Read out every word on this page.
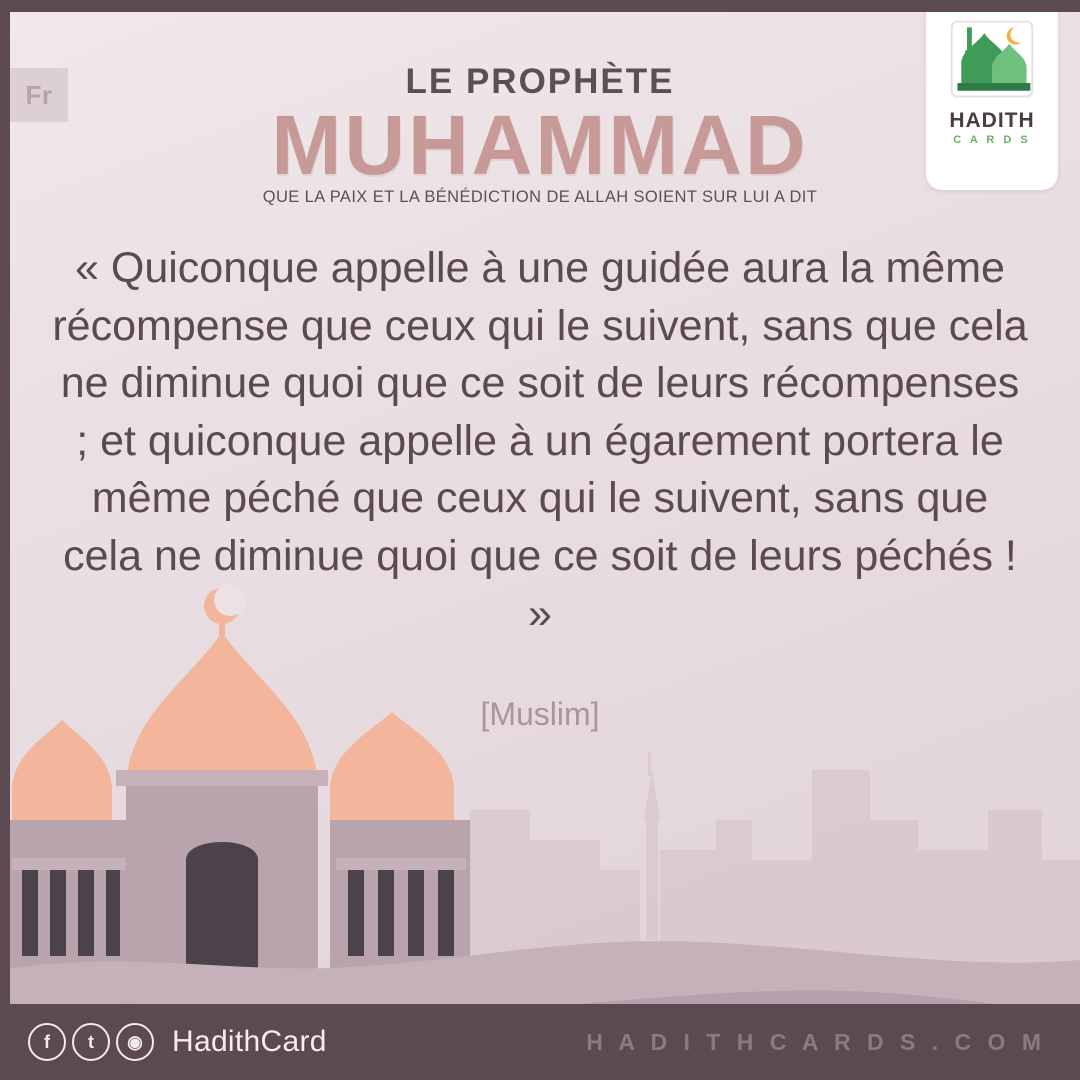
Fr
HADITH
C A R D S
LE PROPHÈTE
MUHAMMAD
QUE LA PAIX ET LA BÉNÉDICTION DE ALLAH SOIENT SUR LUI A DIT
« Quiconque appelle à une guidée aura la même récompense que ceux qui le suivent, sans que cela ne diminue quoi que ce soit de leurs récompenses ; et quiconque appelle à un égarement portera le même péché que ceux qui le suivent, sans que cela ne diminue quoi que ce soit de leurs péchés ! »
[Muslim]
f	t	◉ HadithCard	H A D I T H C A R D S . C O M
